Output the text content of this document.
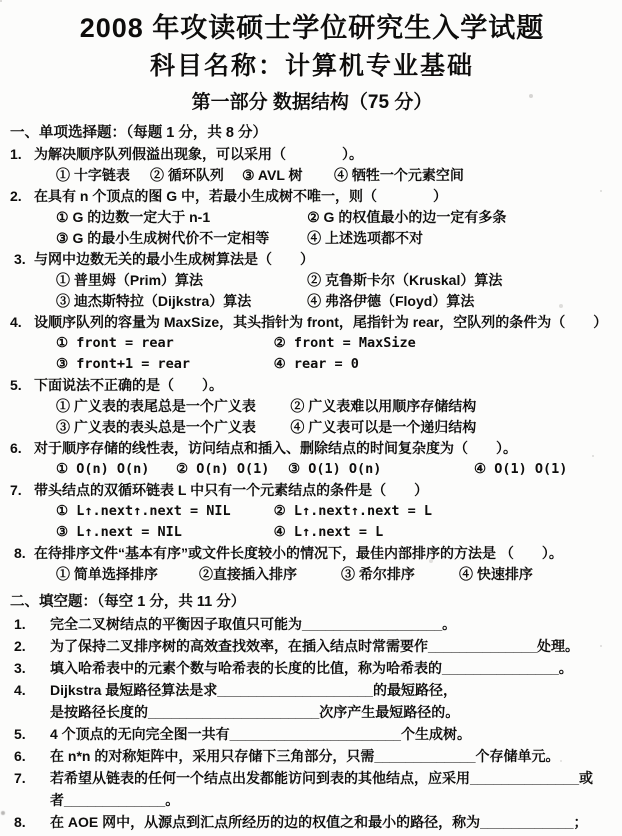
2008 年攻读硕士学位研究生入学试题
科目名称：计算机专业基础
第一部分 数据结构（75 分）
一、单项选择题：（每题 1 分，共 8 分）
1. 为解决顺序队列假溢出现象，可以采用（　　　　）。
① 十字链表	② 循环队列	③ AVL 树	④ 牺牲一个元素空间
2. 在具有 n 个顶点的图 G 中，若最小生成树不唯一，则（　　　　）
① G 的边数一定大于 n-1	② G 的权值最小的边一定有多条
③ G 的最小生成树代价不一定相等	④ 上述选项都不对
3. 与网中边数无关的最小生成树算法是（　　）
① 普里姆（Prim）算法	② 克鲁斯卡尔（Kruskal）算法
③ 迪杰斯特拉（Dijkstra）算法	④ 弗洛伊德（Floyd）算法
4. 设顺序队列的容量为 MaxSize，其头指针为 front，尾指针为 rear，空队列的条件为（　　）
① front = rear	② front = MaxSize
③ front+1 = rear	④ rear = 0
5. 下面说法不正确的是（　　）。
① 广义表的表尾总是一个广义表	② 广义表难以用顺序存储结构
③ 广义表的表头总是一个广义表	④ 广义表可以是一个递归结构
6. 对于顺序存储的线性表，访问结点和插入、删除结点的时间复杂度为（　　）。
① O(n) O(n)	② O(n) O(1)	③ O(1) O(n)	④ O(1) O(1)
7. 带头结点的双循环链表 L 中只有一个元素结点的条件是（　　）
① L↑.next↑.next = NIL	② L↑.next↑.next = L
③ L↑.next = NIL	④ L↑.next = L
8. 在待排序文件“基本有序”或文件长度较小的情况下，最佳内部排序的方法是 （　　）。
① 简单选择排序	②直接插入排序	③ 希尔排序	④ 快速排序
二、填空题：（每空 1 分，共 11 分）
1.	完全二叉树结点的平衡因子取值只可能为__________________。
2.	为了保持二叉排序树的高效查找效率，在插入结点时常需要作______________处理。
3.	填入哈希表中的元素个数与哈希表的长度的比值，称为哈希表的_______________。
4.	Dijkstra 最短路径算法是求____________________的最短路径，
是按路径长度的______________________次序产生最短路径的。
5.	4 个顶点的无向完全图一共有______________________个生成树。
6.	在 n*n 的对称矩阵中，采用只存储下三角部分，只需_____________个存储单元。
7.	若希望从链表的任何一个结点出发都能访问到表的其他结点，应采用______________或
者_____________。
8.	在 AOE 网中，从源点到汇点所经历的边的权值之和最小的路径，称为____________；
